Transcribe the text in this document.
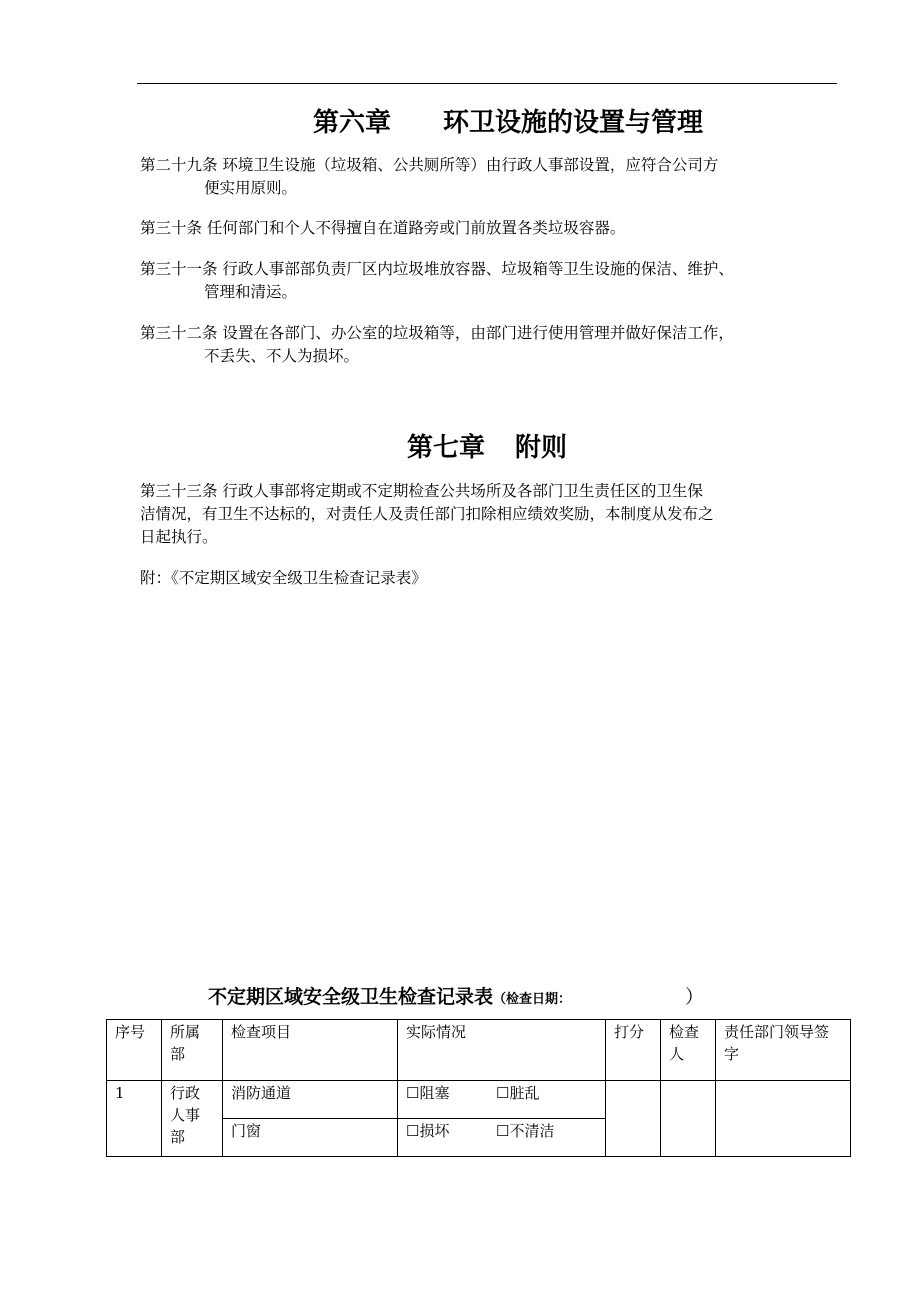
第六章 环卫设施的设置与管理
第二十九条 环境卫生设施（垃圾箱、公共厕所等）由行政人事部设置，应符合公司方
便实用原则。
第三十条 任何部门和个人不得擅自在道路旁或门前放置各类垃圾容器。
第三十一条 行政人事部部负责厂区内垃圾堆放容器、垃圾箱等卫生设施的保洁、维护、
管理和清运。
第三十二条 设置在各部门、办公室的垃圾箱等，由部门进行使用管理并做好保洁工作，
不丢失、不人为损坏。
第七章 附则
第三十三条 行政人事部将定期或不定期检查公共场所及各部门卫生责任区的卫生保
洁情况，有卫生不达标的，对责任人及责任部门扣除相应绩效奖励，本制度从发布之
日起执行。
附：《不定期区域安全级卫生检查记录表》
不定期区域安全级卫生检查记录表（检查日期：	）
序号	所属部	检查项目	实际情况	打分	检查人	责任部门领导签字
1	行政人事部	消防通道	☐阻塞 ☐脏乱			
		门窗	☐损坏 ☐不清洁			
